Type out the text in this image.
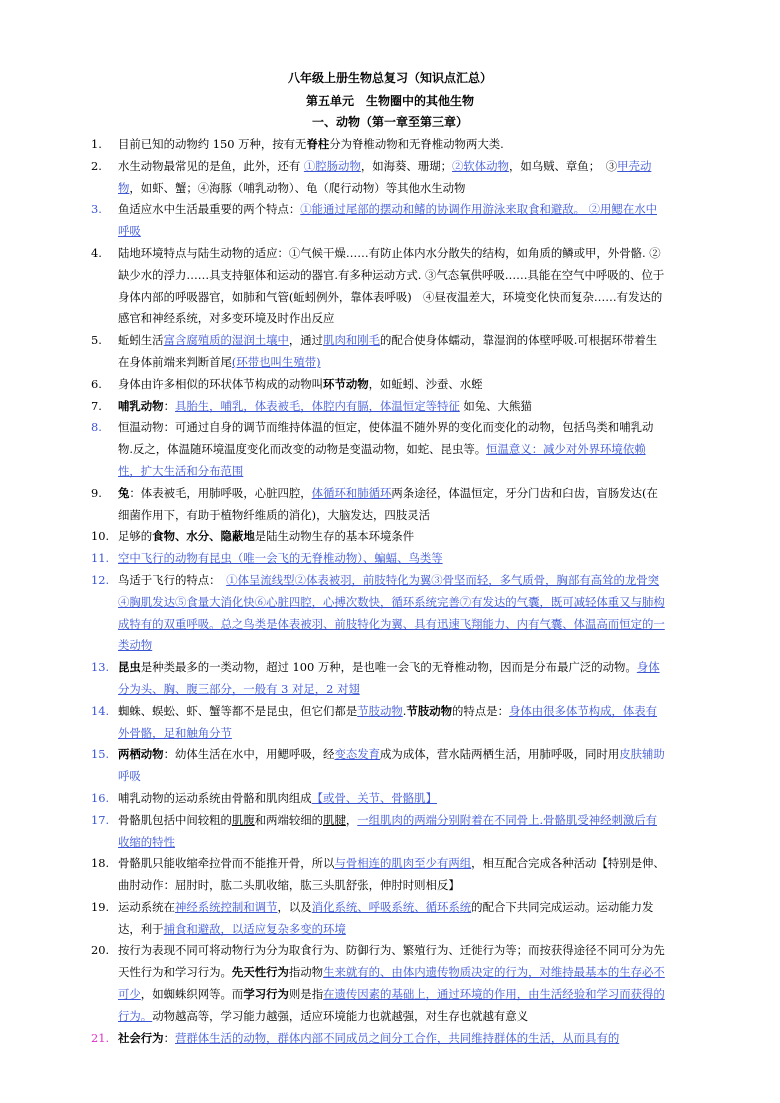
八年级上册生物总复习（知识点汇总）
第五单元　生物圈中的其他生物
一、动物（第一章至第三章）
1. 目前已知的动物约 150 万种，按有无脊柱分为脊椎动物和无脊椎动物两大类.
2. 水生动物最常见的是鱼，此外，还有 ①腔肠动物，如海葵、珊瑚；②软体动物，如乌贼、章鱼；　③甲壳动物，如虾、蟹；④海豚（哺乳动物）、龟（爬行动物）等其他水生动物
3. 鱼适应水中生活最重要的两个特点：①能通过尾部的摆动和鳍的协调作用游泳来取食和避敌。 ②用鳃在水中呼吸
4. 陆地环境特点与陆生动物的适应：①气候干燥……有防止体内水分散失的结构，如角质的鳞或甲，外骨骼. ②缺少水的浮力……具支持躯体和运动的器官.有多种运动方式. ③气态氧供呼吸……具能在空气中呼吸的、位于身体内部的呼吸器官，如肺和气管(蚯蚓例外，靠体表呼吸)　④昼夜温差大，环境变化快而复杂……有发达的感官和神经系统，对多变环境及时作出反应
5. 蚯蚓生活富含腐殖质的湿润土壤中，通过肌肉和刚毛的配合使身体蠕动，靠湿润的体壁呼吸.可根据环带着生在身体前端来判断首尾(环带也叫生殖带)
6. 身体由许多相似的环状体节构成的动物叫环节动物，如蚯蚓、沙蚕、水蛭
7. 哺乳动物：具胎生，哺乳，体表被毛，体腔内有膈，体温恒定等特征 如兔、大熊猫
8. 恒温动物：可通过自身的调节而维持体温的恒定，使体温不随外界的变化而变化的动物，包括鸟类和哺乳动物.反之，体温随环境温度变化而改变的动物是变温动物，如蛇、昆虫等。恒温意义：减少对外界环境依赖性，扩大生活和分布范围
9. 兔：体表被毛，用肺呼吸，心脏四腔，体循环和肺循环两条途径，体温恒定，牙分门齿和臼齿，盲肠发达(在细菌作用下，有助于植物纤维质的消化)，大脑发达，四肢灵活
10. 足够的食物、水分、隐蔽地是陆生动物生存的基本环境条件
11. 空中飞行的动物有昆虫（唯一会飞的无脊椎动物）、蝙蝠、鸟类等
12. 鸟适于飞行的特点：　①体呈流线型②体表被羽，前肢特化为翼③骨坚而轻，多气质骨，胸部有高耸的龙骨突④胸肌发达⑤食量大消化快⑥心脏四腔，心搏次数快，循环系统完善⑦有发达的气囊，既可减轻体重又与肺构成特有的双重呼吸。总之鸟类是体表被羽、前肢特化为翼、具有迅速飞翔能力、内有气囊、体温高而恒定的一类动物
13. 昆虫是种类最多的一类动物，超过 100 万种，是也唯一会飞的无脊椎动物，因而是分布最广泛的动物。身体分为头、胸、腹三部分，一般有 3 对足，2 对翅
14. 蜘蛛、蜈蚣、虾、蟹等都不是昆虫，但它们都是节肢动物.节肢动物的特点是：身体由很多体节构成，体表有外骨骼，足和触角分节
15. 两栖动物：幼体生活在水中，用鳃呼吸，经变态发育成为成体，营水陆两栖生活，用肺呼吸，同时用皮肤辅助呼吸
16. 哺乳动物的运动系统由骨骼和肌肉组成【或骨、关节、骨骼肌】
17. 骨骼肌包括中间较粗的肌腹和两端较细的肌腱，一组肌肉的两端分别附着在不同骨上.骨骼肌受神经刺激后有收缩的特性
18. 骨骼肌只能收缩牵拉骨而不能推开骨，所以与骨相连的肌肉至少有两组，相互配合完成各种活动【特别是伸、曲肘动作：屈肘时，肱二头肌收缩，肱三头肌舒张，伸肘时则相反】
19. 运动系统在神经系统控制和调节，以及消化系统、呼吸系统、循环系统的配合下共同完成运动。运动能力发达，利于捕食和避敌，以适应复杂多变的环境
20. 按行为表现不同可将动物行为分为取食行为、防御行为、繁殖行为、迁徙行为等；而按获得途径不同可分为先天性行为和学习行为。先天性行为指动物生来就有的、由体内遗传物质决定的行为，对维持最基本的生存必不可少，如蜘蛛织网等。而学习行为则是指在遗传因素的基础上，通过环境的作用，由生活经验和学习而获得的行为。动物越高等，学习能力越强，适应环境能力也就越强，对生存也就越有意义
21. 社会行为：营群体生活的动物，群体内部不同成员之间分工合作，共同维持群体的生活，从而具有的
